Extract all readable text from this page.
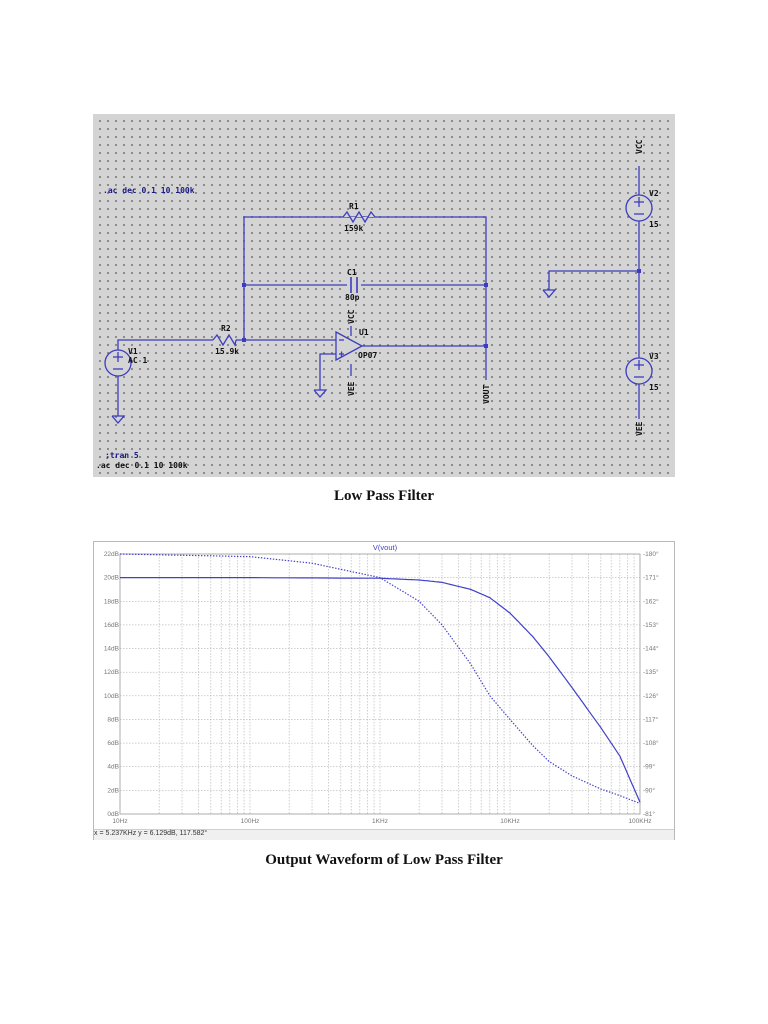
.ac dec 0.1 10 100k
;tran 5
.ac dec 0.1 10 100k
R1
159k
C1
80p
R2
15.9k
U1
OP07
V1
AC 1
V2
15
V3
15
VCC
VCC
VEE
VEE
VOUT
Low Pass Filter
0dB
2dB
4dB
6dB
8dB
10dB
12dB
14dB
16dB
18dB
20dB
22dB
-81°
-90°
-99°
-108°
-117°
-126°
-135°
-144°
-153°
-162°
-171°
-180°
10Hz	100Hz	1KHz	10KHz	100KHz
V(vout)
x = 5.237KHz y = 6.129dB, 117.582°
Output Waveform of Low Pass Filter
